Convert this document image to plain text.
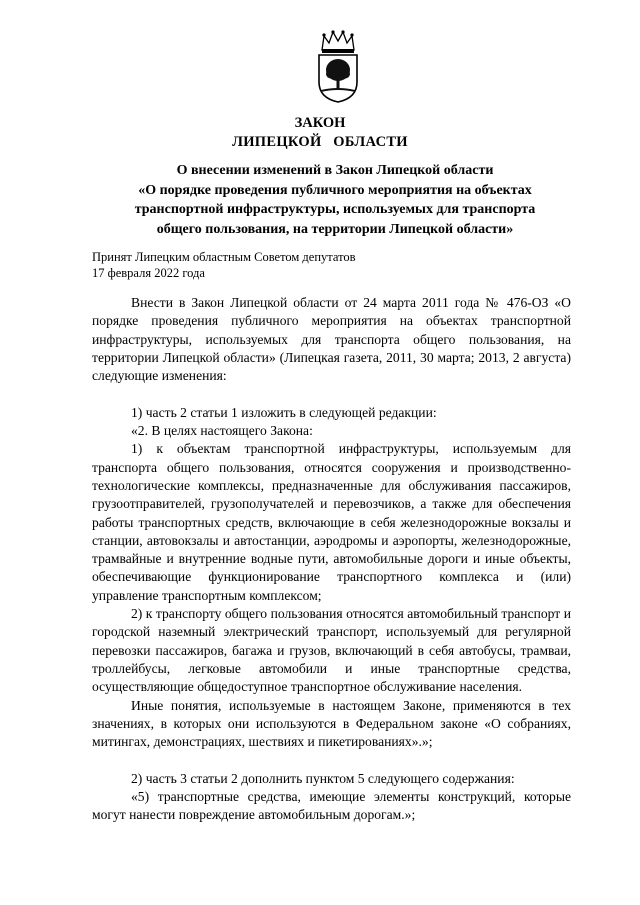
ЗАКОН
ЛИПЕЦКОЙ   ОБЛАСТИ
О внесении изменений в Закон Липецкой области
«О порядке проведения публичного мероприятия на объектах
транспортной инфраструктуры, используемых для транспорта
общего пользования, на территории Липецкой области»
Принят Липецким областным Советом депутатов
17 февраля 2022 года

Внести в Закон Липецкой области от 24 марта 2011 года № 476-ОЗ «О порядке проведения публичного мероприятия на объектах транспортной инфраструктуры, используемых для транспорта общего пользования, на территории Липецкой области» (Липецкая газета, 2011, 30 марта; 2013, 2 августа) следующие изменения:

1) часть 2 статьи 1 изложить в следующей редакции:

«2. В целях настоящего Закона:

1) к объектам транспортной инфраструктуры, используемым для транспорта общего пользования, относятся сооружения и производственно-технологические комплексы, предназначенные для обслуживания пассажиров, грузоотправителей, грузополучателей и перевозчиков, а также для обеспечения работы транспортных средств, включающие в себя железнодорожные вокзалы и станции, автовокзалы и автостанции, аэродромы и аэропорты, железнодорожные, трамвайные и внутренние водные пути, автомобильные дороги и иные объекты, обеспечивающие функционирование транспортного комплекса и (или) управление транспортным комплексом;

2) к транспорту общего пользования относятся автомобильный транспорт и городской наземный электрический транспорт, используемый для регулярной перевозки пассажиров, багажа и грузов, включающий в себя автобусы, трамваи, троллейбусы, легковые автомобили и иные транспортные средства, осуществляющие общедоступное транспортное обслуживание населения.

Иные понятия, используемые в настоящем Законе, применяются в тех значениях, в которых они используются в Федеральном законе «О собраниях, митингах, демонстрациях, шествиях и пикетированиях».»;

2) часть 3 статьи 2 дополнить пунктом 5 следующего содержания:

«5) транспортные средства, имеющие элементы конструкций, которые могут нанести повреждение автомобильным дорогам.»;
